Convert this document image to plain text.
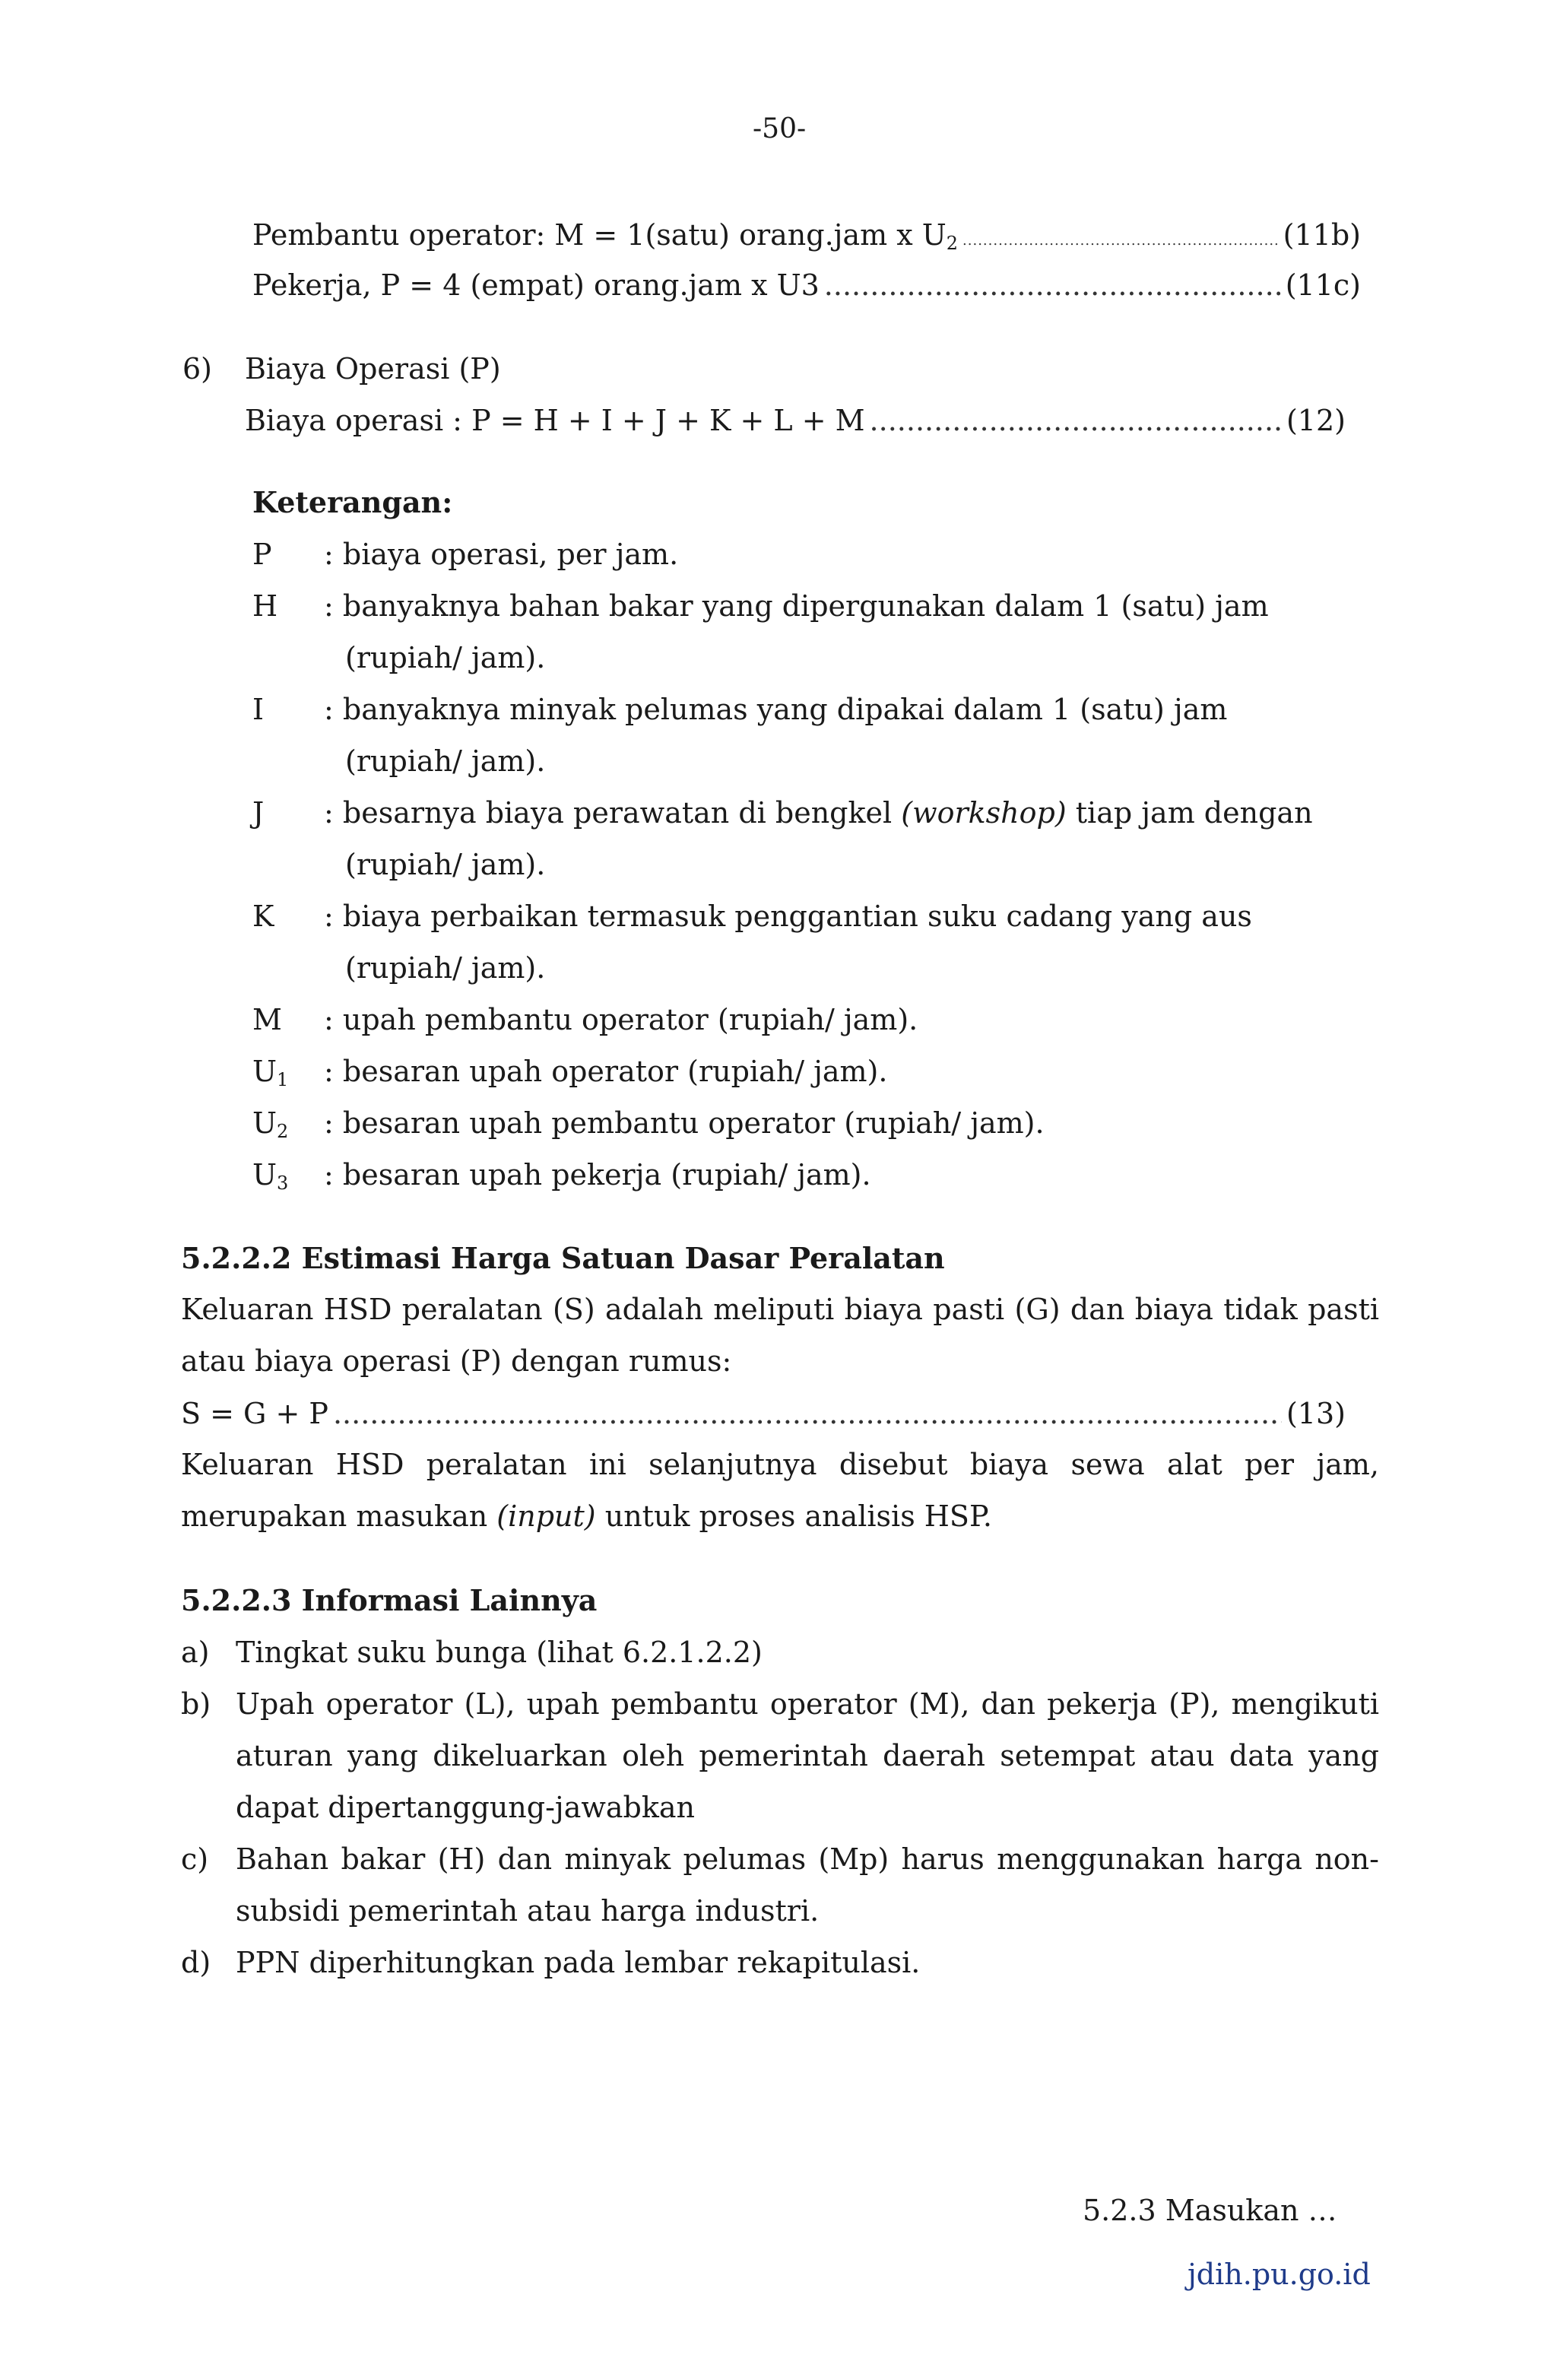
-50-
Pembantu operator: M = 1(satu) orang.jam x $U_2$ .....	(11b)
Pekerja, P = 4 (empat) orang.jam x U3 .....	(11c)
6) Biaya Operasi (P)
Biaya operasi : P = H + I + J + K + L + M .....	(12)
Keterangan:
P : biaya operasi, per jam.
H : banyaknya bahan bakar yang dipergunakan dalam 1 (satu) jam
(rupiah/ jam).
I : banyaknya minyak pelumas yang dipakai dalam 1 (satu) jam
(rupiah/ jam).
J : besarnya biaya perawatan di bengkel (workshop) tiap jam dengan
(rupiah/ jam).
K : biaya perbaikan termasuk penggantian suku cadang yang aus
(rupiah/ jam).
M : upah pembantu operator (rupiah/ jam).
$U_1$ : besaran upah operator (rupiah/ jam).
$U_2$ : besaran upah pembantu operator (rupiah/ jam).
$U_3$ : besaran upah pekerja (rupiah/ jam).
5.2.2.2 Estimasi Harga Satuan Dasar Peralatan
Keluaran HSD peralatan (S) adalah meliputi biaya pasti (G) dan biaya tidak pasti atau biaya operasi (P) dengan rumus:
S = G + P .....	(13)
Keluaran HSD peralatan ini selanjutnya disebut biaya sewa alat per jam, merupakan masukan (input) untuk proses analisis HSP.
5.2.2.3 Informasi Lainnya
a) Tingkat suku bunga (lihat 6.2.1.2.2)
b) Upah operator (L), upah pembantu operator (M), dan pekerja (P), mengikuti aturan yang dikeluarkan oleh pemerintah daerah setempat atau data yang dapat dipertanggung-jawabkan
c) Bahan bakar (H) dan minyak pelumas (Mp) harus menggunakan harga non-subsidi pemerintah atau harga industri.
d) PPN diperhitungkan pada lembar rekapitulasi.
5.2.3 Masukan …
jdih.pu.go.id
